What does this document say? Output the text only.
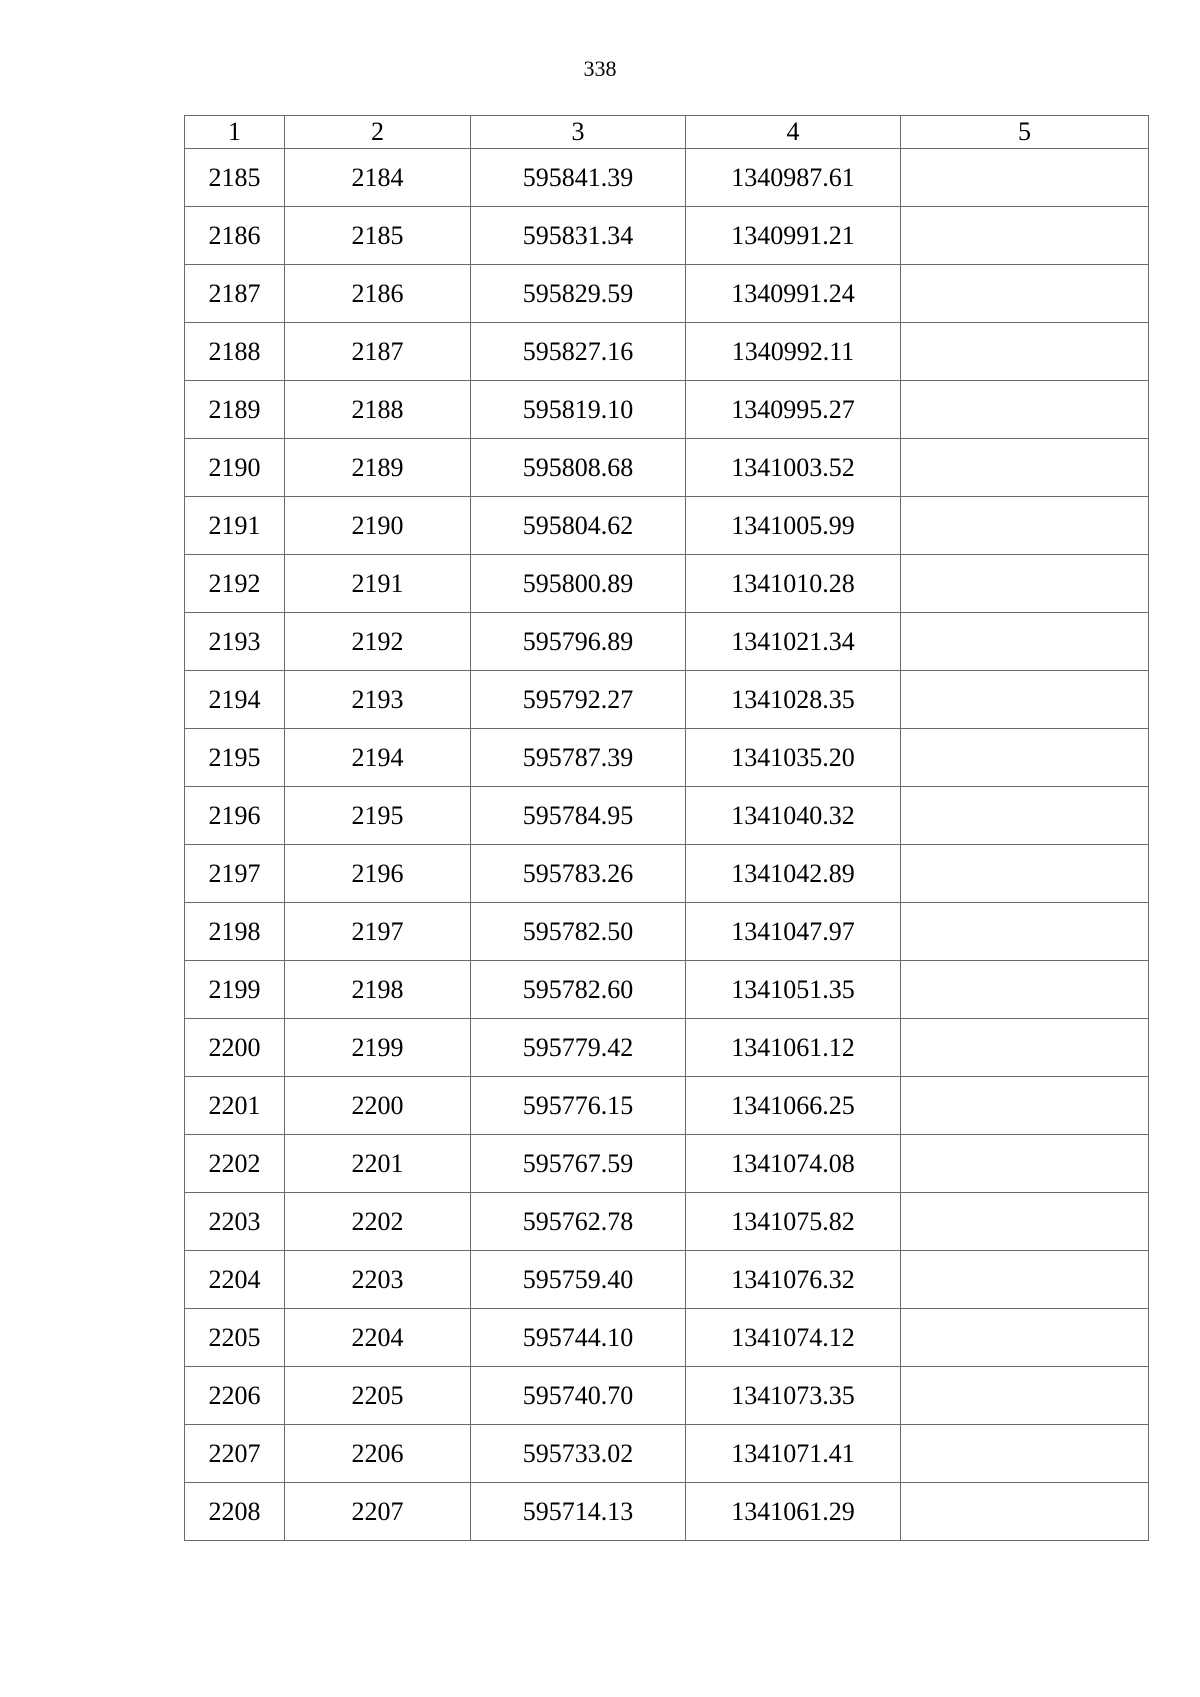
338
1	2	3	4	5
2185	2184	595841.39	1340987.61	
2186	2185	595831.34	1340991.21	
2187	2186	595829.59	1340991.24	
2188	2187	595827.16	1340992.11	
2189	2188	595819.10	1340995.27	
2190	2189	595808.68	1341003.52	
2191	2190	595804.62	1341005.99	
2192	2191	595800.89	1341010.28	
2193	2192	595796.89	1341021.34	
2194	2193	595792.27	1341028.35	
2195	2194	595787.39	1341035.20	
2196	2195	595784.95	1341040.32	
2197	2196	595783.26	1341042.89	
2198	2197	595782.50	1341047.97	
2199	2198	595782.60	1341051.35	
2200	2199	595779.42	1341061.12	
2201	2200	595776.15	1341066.25	
2202	2201	595767.59	1341074.08	
2203	2202	595762.78	1341075.82	
2204	2203	595759.40	1341076.32	
2205	2204	595744.10	1341074.12	
2206	2205	595740.70	1341073.35	
2207	2206	595733.02	1341071.41	
2208	2207	595714.13	1341061.29	
